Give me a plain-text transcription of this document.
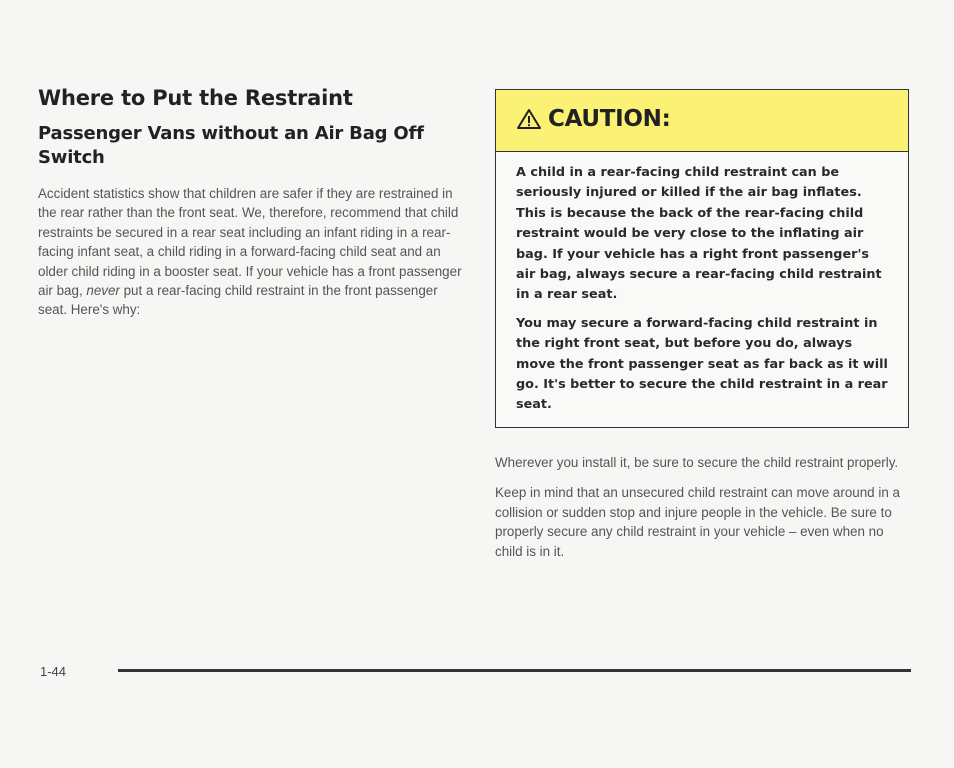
Where to Put the Restraint
Passenger Vans without an Air Bag Off Switch

Accident statistics show that children are safer if they are restrained in the rear rather than the front seat. We, therefore, recommend that child restraints be secured in a rear seat including an infant riding in a rear-facing infant seat, a child riding in a forward-facing child seat and an older child riding in a booster seat. If your vehicle has a front passenger air bag, never put a rear-facing child restraint in the front passenger seat. Here's why:

CAUTION:

A child in a rear-facing child restraint can be seriously injured or killed if the air bag inflates. This is because the back of the rear-facing child restraint would be very close to the inflating air bag. If your vehicle has a right front passenger's air bag, always secure a rear-facing child restraint in a rear seat.

You may secure a forward-facing child restraint in the right front seat, but before you do, always move the front passenger seat as far back as it will go. It's better to secure the child restraint in a rear seat.

Wherever you install it, be sure to secure the child restraint properly.

Keep in mind that an unsecured child restraint can move around in a collision or sudden stop and injure people in the vehicle. Be sure to properly secure any child restraint in your vehicle – even when no child is in it.

1-44
